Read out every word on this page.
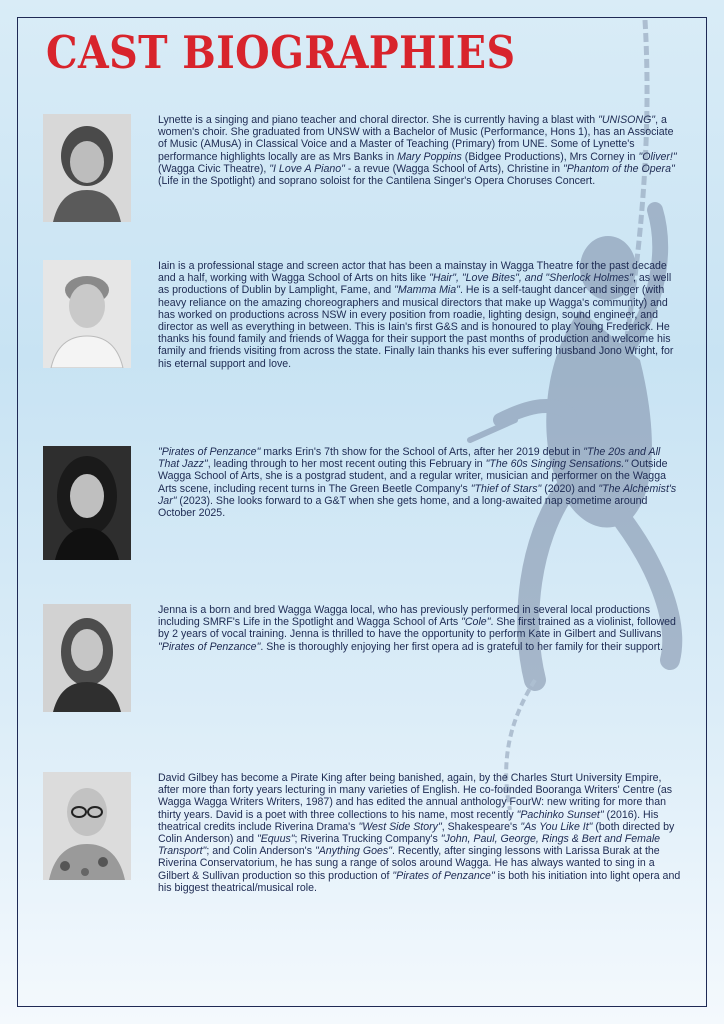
CAST BIOGRAPHIES

Lynette is a singing and piano teacher and choral director. She is currently having a blast with "UNISONG", a women's choir. She graduated from UNSW with a Bachelor of Music (Performance, Hons 1), has an Associate of Music (AMusA) in Classical Voice and a Master of Teaching (Primary) from UNE. Some of Lynette's performance highlights locally are as Mrs Banks in Mary Poppins (Bidgee Productions), Mrs Corney in "Oliver!" (Wagga Civic Theatre), "I Love A Piano" - a revue (Wagga School of Arts), Christine in "Phantom of the Opera" (Life in the Spotlight) and soprano soloist for the Cantilena Singer's Opera Choruses Concert.

Iain is a professional stage and screen actor that has been a mainstay in Wagga Theatre for the past decade and a half, working with Wagga School of Arts on hits like "Hair", "Love Bites", and "Sherlock Holmes", as well as productions of Dublin by Lamplight, Fame, and "Mamma Mia". He is a self-taught dancer and singer (with heavy reliance on the amazing choreographers and musical directors that make up Wagga's community) and has worked on productions across NSW in every position from roadie, lighting design, sound engineer, and director as well as everything in between. This is Iain's first G&S and is honoured to play Young Frederick. He thanks his found family and friends of Wagga for their support the past months of production and welcome his family and friends visiting from across the state. Finally Iain thanks his ever suffering husband Jono Wright, for his eternal support and love.

"Pirates of Penzance" marks Erin's 7th show for the School of Arts, after her 2019 debut in "The 20s and All That Jazz", leading through to her most recent outing this February in "The 60s Singing Sensations." Outside Wagga School of Arts, she is a postgrad student, and a regular writer, musician and performer on the Wagga Arts scene, including recent turns in The Green Beetle Company's "Thief of Stars" (2020) and "The Alchemist's Jar" (2023). She looks forward to a G&T when she gets home, and a long-awaited nap sometime around October 2025.

Jenna is a born and bred Wagga Wagga local, who has previously performed in several local productions including SMRF's Life in the Spotlight and Wagga School of Arts "Cole". She first trained as a violinist, followed by 2 years of vocal training. Jenna is thrilled to have the opportunity to perform Kate in Gilbert and Sullivans "Pirates of Penzance". She is thoroughly enjoying her first opera ad is grateful to her family for their support.

David Gilbey has become a Pirate King after being banished, again, by the Charles Sturt University Empire, after more than forty years lecturing in many varieties of English. He co-founded Booranga Writers' Centre (as Wagga Wagga Writers Writers, 1987) and has edited the annual anthology FourW: new writing for more than thirty years. David is a poet with three collections to his name, most recently "Pachinko Sunset" (2016). His theatrical credits include Riverina Drama's "West Side Story", Shakespeare's "As You Like It" (both directed by Colin Anderson) and "Equus"; Riverina Trucking Company's "John, Paul, George, Rings & Bert and Female Transport"; and Colin Anderson's "Anything Goes". Recently, after singing lessons with Larissa Burak at the Riverina Conservatorium, he has sung a range of solos around Wagga. He has always wanted to sing in a Gilbert & Sullivan production so this production of "Pirates of Penzance" is both his initiation into light opera and his biggest theatrical/musical role.
